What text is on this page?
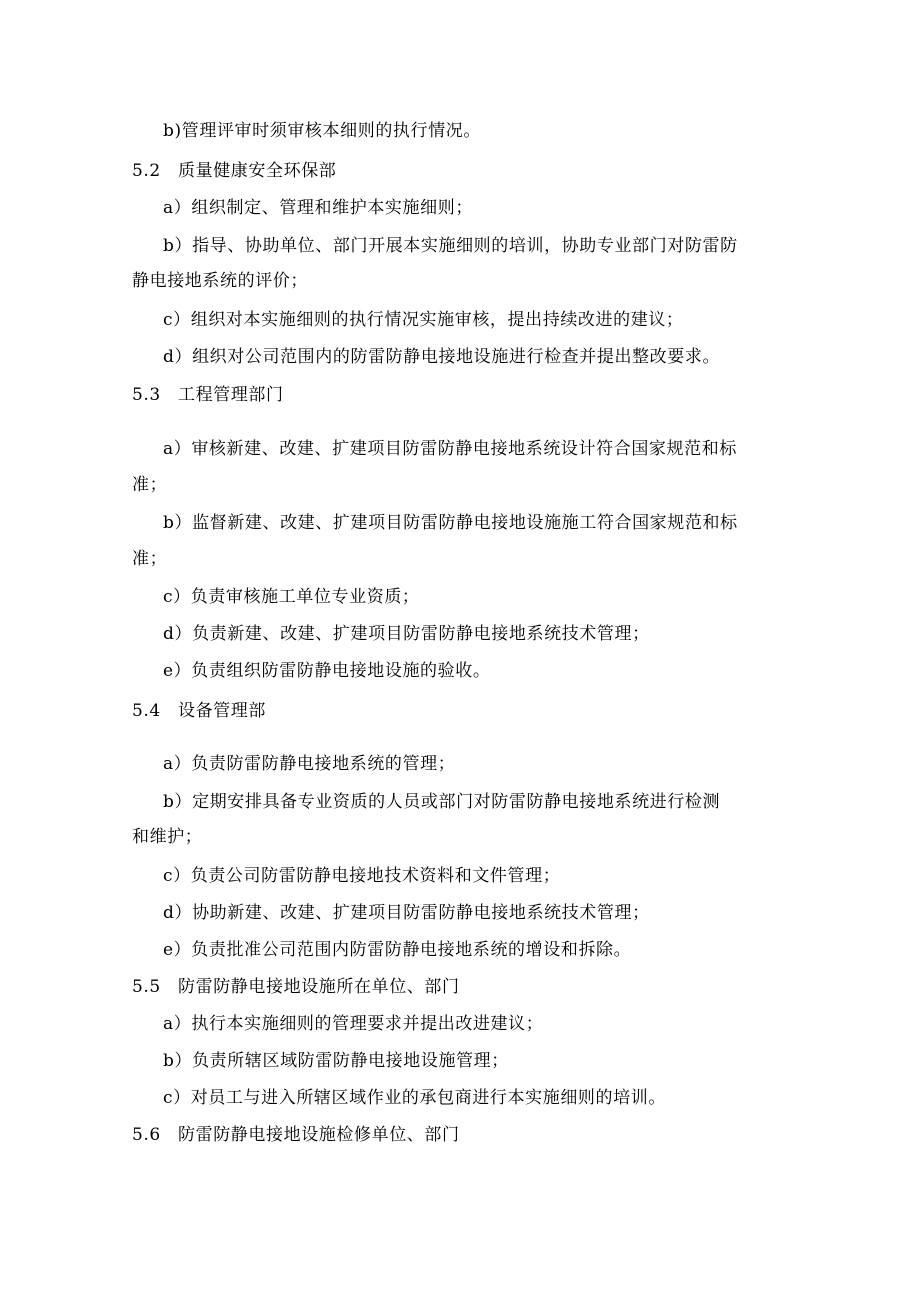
b)管理评审时须审核本细则的执行情况。
5.2 质量健康安全环保部
a）组织制定、管理和维护本实施细则；
b）指导、协助单位、部门开展本实施细则的培训，协助专业部门对防雷防
静电接地系统的评价；
c）组织对本实施细则的执行情况实施审核，提出持续改进的建议；
d）组织对公司范围内的防雷防静电接地设施进行检查并提出整改要求。
5.3 工程管理部门
a）审核新建、改建、扩建项目防雷防静电接地系统设计符合国家规范和标
准；
b）监督新建、改建、扩建项目防雷防静电接地设施施工符合国家规范和标
准；
c）负责审核施工单位专业资质；
d）负责新建、改建、扩建项目防雷防静电接地系统技术管理；
e）负责组织防雷防静电接地设施的验收。
5.4 设备管理部
a）负责防雷防静电接地系统的管理；
b）定期安排具备专业资质的人员或部门对防雷防静电接地系统进行检测
和维护；
c）负责公司防雷防静电接地技术资料和文件管理；
d）协助新建、改建、扩建项目防雷防静电接地系统技术管理；
e）负责批准公司范围内防雷防静电接地系统的增设和拆除。
5.5 防雷防静电接地设施所在单位、部门
a）执行本实施细则的管理要求并提出改进建议；
b）负责所辖区域防雷防静电接地设施管理；
c）对员工与进入所辖区域作业的承包商进行本实施细则的培训。
5.6 防雷防静电接地设施检修单位、部门
